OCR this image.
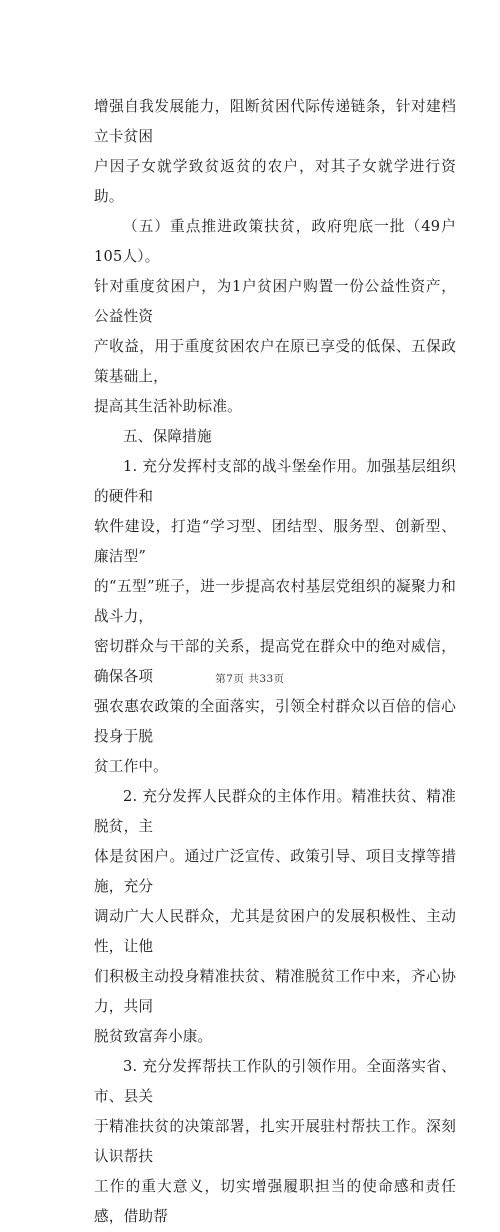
增强自我发展能力，阻断贫困代际传递链条，针对建档立卡贫困
户因子女就学致贫返贫的农户，对其子女就学进行资助。

（五）重点推进政策扶贫，政府兜底一批（49户105人）。
针对重度贫困户，为1户贫困户购置一份公益性资产，公益性资
产收益，用于重度贫困农户在原已享受的低保、五保政策基础上，
提高其生活补助标准。

五、保障措施

1. 充分发挥村支部的战斗堡垒作用。加强基层组织的硬件和
软件建设，打造“学习型、团结型、服务型、创新型、廉洁型”
的“五型”班子，进一步提高农村基层党组织的凝聚力和战斗力，
密切群众与干部的关系，提高党在群众中的绝对威信，确保各项
强农惠农政策的全面落实，引领全村群众以百倍的信心投身于脱
贫工作中。

2. 充分发挥人民群众的主体作用。精准扶贫、精准脱贫，主
体是贫困户。通过广泛宣传、政策引导、项目支撑等措施，充分
调动广大人民群众，尤其是贫困户的发展积极性、主动性，让他
们积极主动投身精准扶贫、精准脱贫工作中来，齐心协力，共同
脱贫致富奔小康。

3. 充分发挥帮扶工作队的引领作用。全面落实省、市、县关
于精准扶贫的决策部署，扎实开展驻村帮扶工作。深刻认识帮扶
工作的重大意义，切实增强履职担当的使命感和责任感，借助帮

第7页 共33页
